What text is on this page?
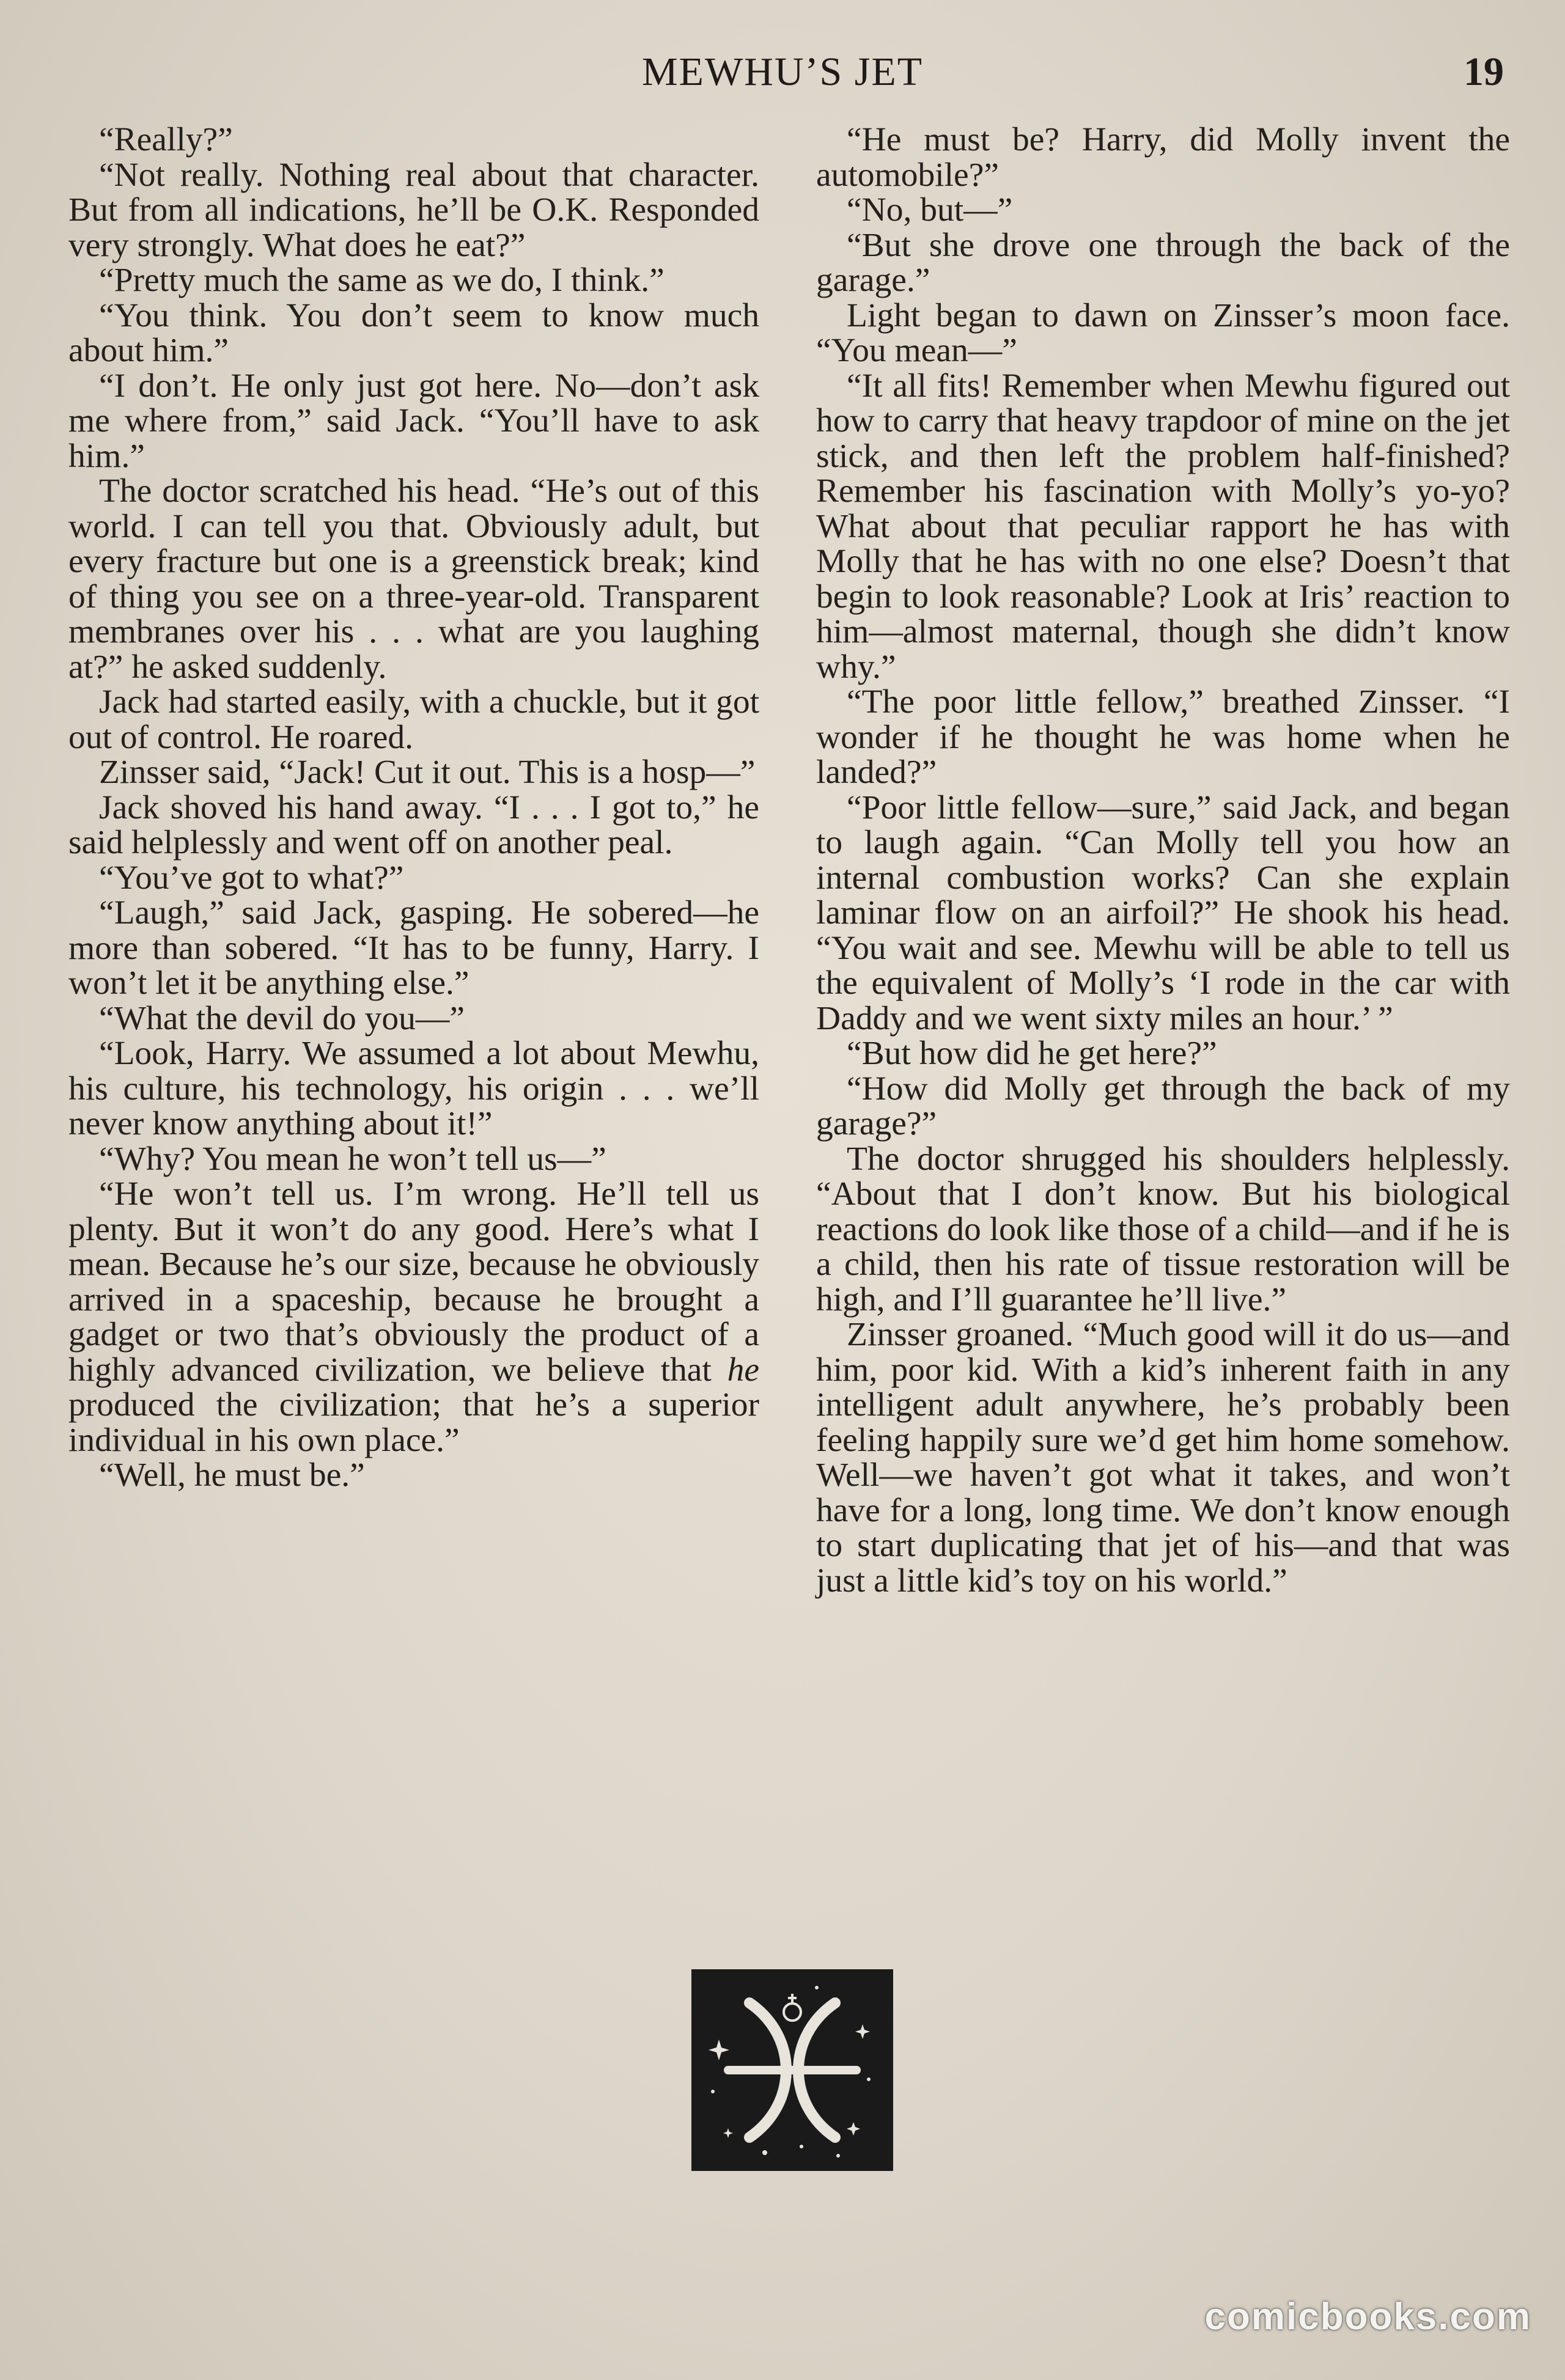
MEWHU’S JET	19

“Really?”

“Not really. Nothing real about that character. But from all indications, he’ll be O.K. Responded very strongly. What does he eat?”

“Pretty much the same as we do, I think.”

“You think. You don’t seem to know much about him.”

“I don’t. He only just got here. No—don’t ask me where from,” said Jack. “You’ll have to ask him.”

The doctor scratched his head. “He’s out of this world. I can tell you that. Obviously adult, but every fracture but one is a greenstick break; kind of thing you see on a three-year-old. Transparent membranes over his . . . what are you laughing at?” he asked suddenly.

Jack had started easily, with a chuckle, but it got out of control. He roared.

Zinsser said, “Jack! Cut it out. This is a hosp—”

Jack shoved his hand away. “I . . . I got to,” he said helplessly and went off on another peal.

“You’ve got to what?”

“Laugh,” said Jack, gasping. He sobered—he more than sobered. “It has to be funny, Harry. I won’t let it be anything else.”

“What the devil do you—”

“Look, Harry. We assumed a lot about Mewhu, his culture, his technology, his origin . . . we’ll never know anything about it!”

“Why? You mean he won’t tell us—”

“He won’t tell us. I’m wrong. He’ll tell us plenty. But it won’t do any good. Here’s what I mean. Because he’s our size, because he obviously arrived in a spaceship, because he brought a gadget or two that’s obviously the product of a highly advanced civilization, we believe that he produced the civilization; that he’s a superior individual in his own place.”

“Well, he must be.”

“He must be? Harry, did Molly invent the automobile?”

“No, but—”

“But she drove one through the back of the garage.”

Light began to dawn on Zinsser’s moon face. “You mean—”

“It all fits! Remember when Mewhu figured out how to carry that heavy trapdoor of mine on the jet stick, and then left the problem half-finished? Remember his fascination with Molly’s yo-yo? What about that peculiar rapport he has with Molly that he has with no one else? Doesn’t that begin to look reasonable? Look at Iris’ reaction to him—almost maternal, though she didn’t know why.”

“The poor little fellow,” breathed Zinsser. “I wonder if he thought he was home when he landed?”

“Poor little fellow—sure,” said Jack, and began to laugh again. “Can Molly tell you how an internal combustion works? Can she explain laminar flow on an airfoil?” He shook his head. “You wait and see. Mewhu will be able to tell us the equivalent of Molly’s ‘I rode in the car with Daddy and we went sixty miles an hour.’ ”

“But how did he get here?”

“How did Molly get through the back of my garage?”

The doctor shrugged his shoulders helplessly. “About that I don’t know. But his biological reactions do look like those of a child—and if he is a child, then his rate of tissue restoration will be high, and I’ll guarantee he’ll live.”

Zinsser groaned. “Much good will it do us—and him, poor kid. With a kid’s inherent faith in any intelligent adult anywhere, he’s probably been feeling happily sure we’d get him home somehow. Well—we haven’t got what it takes, and won’t have for a long, long time. We don’t know enough to start duplicating that jet of his—and that was just a little kid’s toy on his world.”

comicbooks.com
